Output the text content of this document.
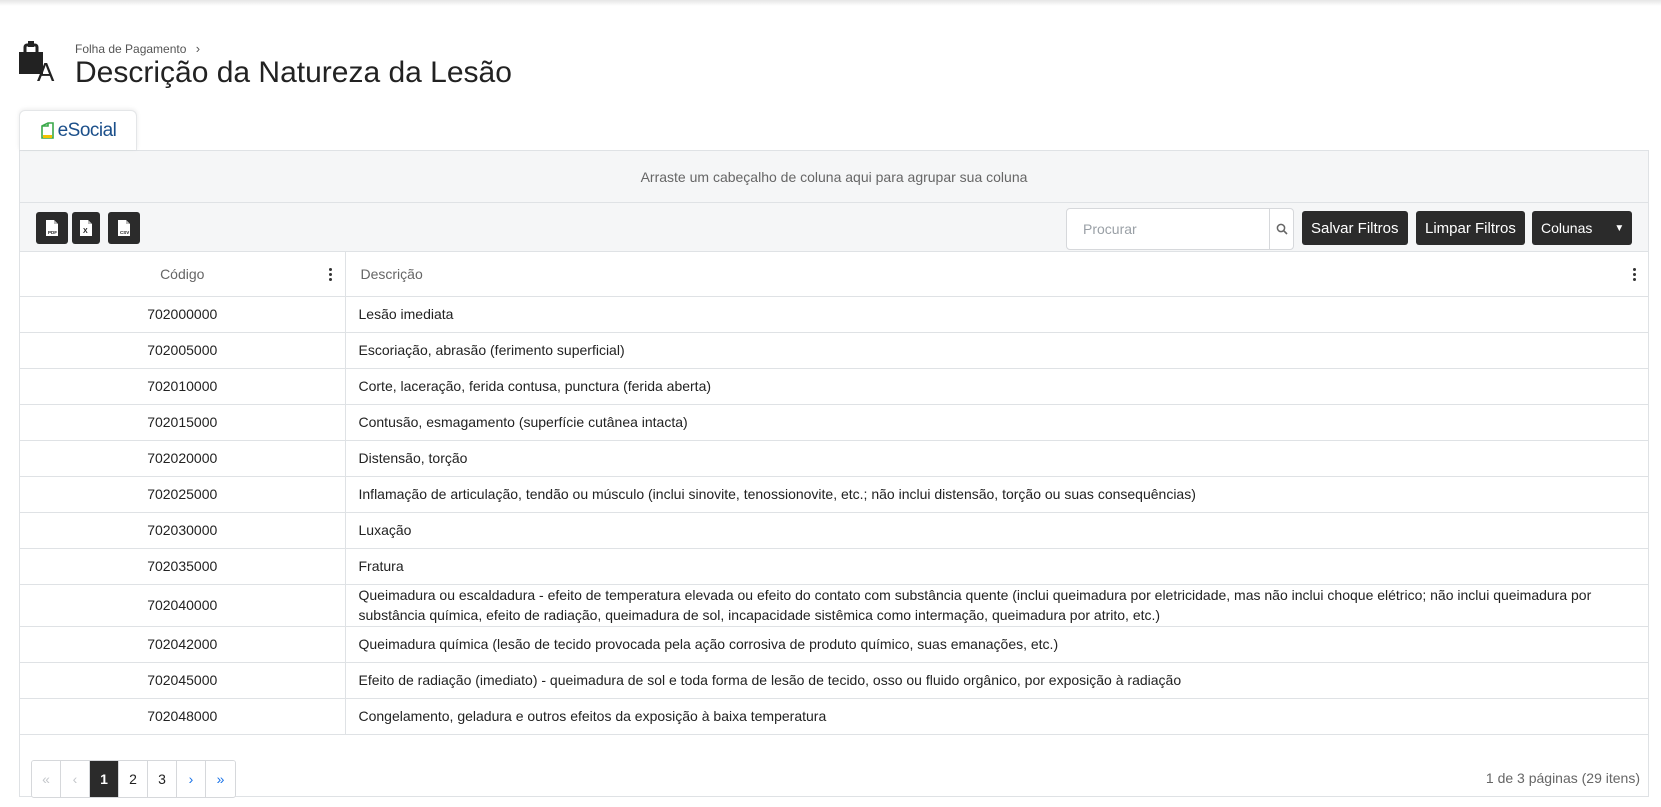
A
Folha de Pagamento ›
Descrição da Natureza da Lesão
eSocial
Arraste um cabeçalho de coluna aqui para agrupar sua coluna
PDF	X	CSV
Procurar	Salvar Filtros	Limpar Filtros	Colunas ▼
Código	Descrição

702000000	Lesão imediata
702005000	Escoriação, abrasão (ferimento superficial)
702010000	Corte, laceração, ferida contusa, punctura (ferida aberta)
702015000	Contusão, esmagamento (superfície cutânea intacta)
702020000	Distensão, torção
702025000	Inflamação de articulação, tendão ou músculo (inclui sinovite, tenossionovite, etc.; não inclui distensão, torção ou suas consequências)
702030000	Luxação
702035000	Fratura
702040000	Queimadura ou escaldadura - efeito de temperatura elevada ou efeito do contato com substância quente (inclui queimadura por eletricidade, mas não inclui choque elétrico; não inclui queimadura por substância química, efeito de radiação, queimadura de sol, incapacidade sistêmica como intermação, queimadura por atrito, etc.)
702042000	Queimadura química (lesão de tecido provocada pela ação corrosiva de produto químico, suas emanações, etc.)
702045000	Efeito de radiação (imediato) - queimadura de sol e toda forma de lesão de tecido, osso ou fluido orgânico, por exposição à radiação
702048000	Congelamento, geladura e outros efeitos da exposição à baixa temperatura
« ‹	1	2	3	› »	1 de 3 páginas (29 itens)
